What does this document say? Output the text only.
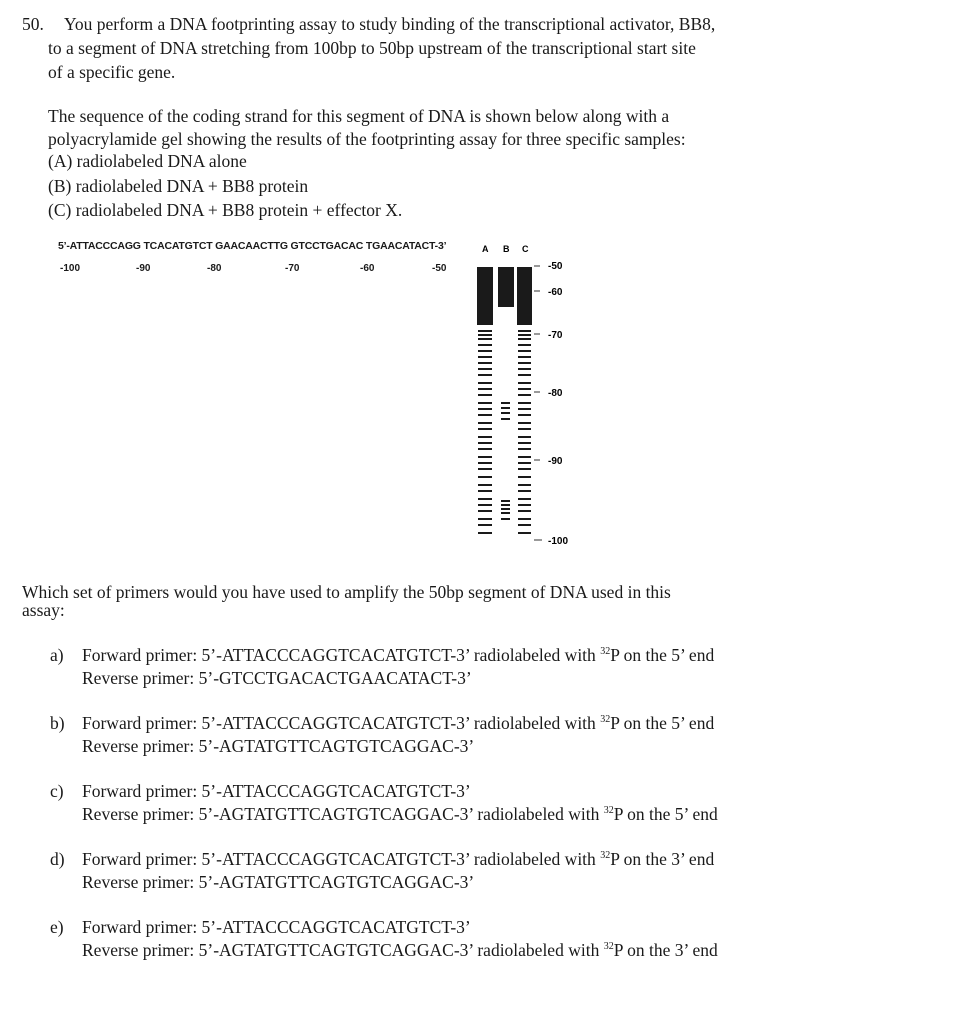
50. You perform a DNA footprinting assay to study binding of the transcriptional activator, BB8,
to a segment of DNA stretching from 100bp to 50bp upstream of the transcriptional start site
of a specific gene.
The sequence of the coding strand for this segment of DNA is shown below along with a
polyacrylamide gel showing the results of the footprinting assay for three specific samples:
(A) radiolabeled DNA alone
(B) radiolabeled DNA + BB8 protein
(C) radiolabeled DNA + BB8 protein + effector X.
5’-ATTACCCAGG TCACATGTCT GAACAACTTG GTCCTGACAC TGAACATACT-3’
-100	-90	-80	-70	-60	-50
A B C
-50
-60
-70
-80
-90
-100
Which set of primers would you have used to amplify the 50bp segment of DNA used in this
assay:
a) Forward primer: 5’-ATTACCCAGGTCACATGTCT-3’ radiolabeled with $^{32}$P on the 5’ end
Reverse primer: 5’-GTCCTGACACTGAACATACT-3’
b) Forward primer: 5’-ATTACCCAGGTCACATGTCT-3’ radiolabeled with $^{32}$P on the 5’ end
Reverse primer: 5’-AGTATGTTCAGTGTCAGGAC-3’
c) Forward primer: 5’-ATTACCCAGGTCACATGTCT-3’
Reverse primer: 5’-AGTATGTTCAGTGTCAGGAC-3’ radiolabeled with $^{32}$P on the 5’ end
d) Forward primer: 5’-ATTACCCAGGTCACATGTCT-3’ radiolabeled with $^{32}$P on the 3’ end
Reverse primer: 5’-AGTATGTTCAGTGTCAGGAC-3’
e) Forward primer: 5’-ATTACCCAGGTCACATGTCT-3’
Reverse primer: 5’-AGTATGTTCAGTGTCAGGAC-3’ radiolabeled with $^{32}$P on the 3’ end
